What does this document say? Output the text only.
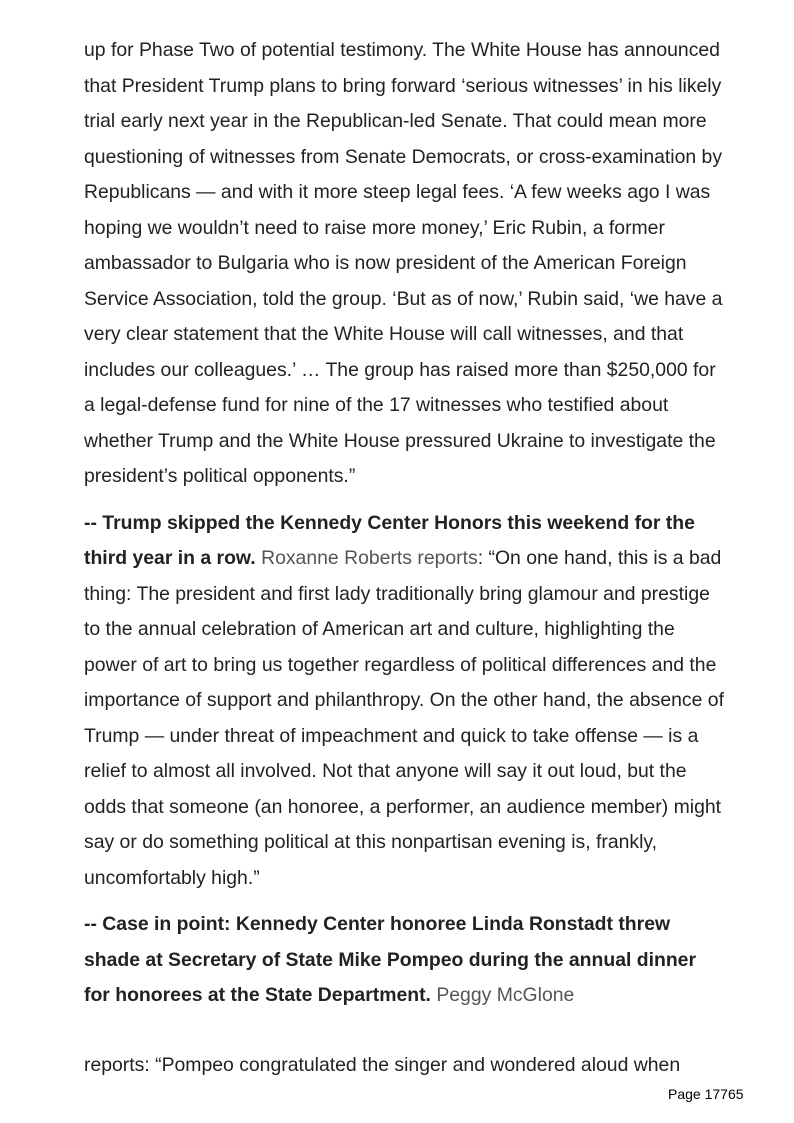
up for Phase Two of potential testimony. The White House has announced that President Trump plans to bring forward ‘serious witnesses’ in his likely trial early next year in the Republican-led Senate. That could mean more questioning of witnesses from Senate Democrats, or cross-examination by Republicans — and with it more steep legal fees. ‘A few weeks ago I was hoping we wouldn’t need to raise more money,’ Eric Rubin, a former ambassador to Bulgaria who is now president of the American Foreign Service Association, told the group. ‘But as of now,’ Rubin said, ‘we have a very clear statement that the White House will call witnesses, and that includes our colleagues.’ … The group has raised more than $250,000 for a legal-defense fund for nine of the 17 witnesses who testified about whether Trump and the White House pressured Ukraine to investigate the president’s political opponents.”

-- Trump skipped the Kennedy Center Honors this weekend for the third year in a row. Roxanne Roberts reports: “On one hand, this is a bad thing: The president and first lady traditionally bring glamour and prestige to the annual celebration of American art and culture, highlighting the power of art to bring us together regardless of political differences and the importance of support and philanthropy. On the other hand, the absence of Trump — under threat of impeachment and quick to take offense — is a relief to almost all involved. Not that anyone will say it out loud, but the odds that someone (an honoree, a performer, an audience member) might say or do something political at this nonpartisan evening is, frankly, uncomfortably high.”

-- Case in point: Kennedy Center honoree Linda Ronstadt threw shade at Secretary of State Mike Pompeo during the annual dinner for honorees at the State Department. Peggy McGlone

reports: “Pompeo congratulated the singer and wondered aloud when
Page 17765
